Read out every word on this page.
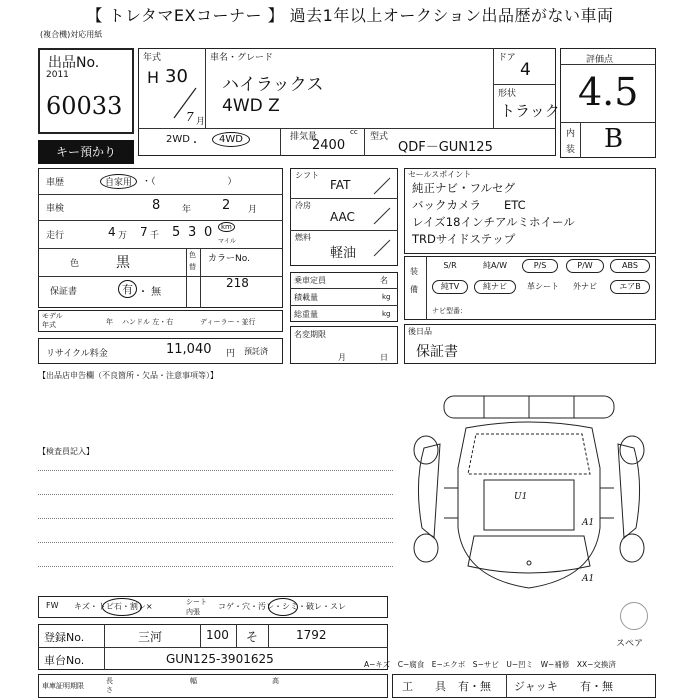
【 トレタマEXコーナー 】 過去1年以上オークション出品歴がない車両
(複合機)対応用紙
出品No.
2011
60033
キー預かり
年式
H 30
7 月
車名・グレード
ハイラックス
4WD Z
ドア
4
形状
トラック
2WD ・	4WD	排気量	cc
2400
型式
QDF－GUN125
評価点
4.5
内
装 B
車歴	自家用	・（　　　　　　　　）
車検	8 年 2 月
走行	4 万 7 千 5 3 0	km
マイル
色	黒	色
替
カラーNo.
218
保証書	有 ・ 無
モデル
年式	年 ハンドル 左・右	ディーラー・並行
リサイクル料金	11,040 円 預託済
シフト
FAT
冷房
AAC
燃料
軽油
乗車定員	名
積載量	kg
総重量	kg
名変期限
月	日
セールスポイント
純正ナビ・フルセグ
バックカメラ　　ETC
レイズ18インチアルミホイール
TRDサイドステップ
装
備
S/R	純A/W	P/S	P/W	ABS
純TV	純ナビ	革シート	外ナビ	エアB
ナビ型番：
後日品
保証書
【出品店申告欄（不良箇所・欠品・注意事項等）】
【検査員記入】
FW キズ・トビ石・割レ×	シート
内張
コゲ・穴・汚レ・シミ・破レ・スレ
登録No.	三河	100 そ	1792
車台No.	GUN125-3901625
車庫証明期限
長
さ
幅	高
A−キズ　C−腐食　E−エクボ　S−サビ　U−凹ミ　W−補修　XX−交換済
工　　具 有・無 ジャッキ 有・無
スペア
U1
A1
A1
